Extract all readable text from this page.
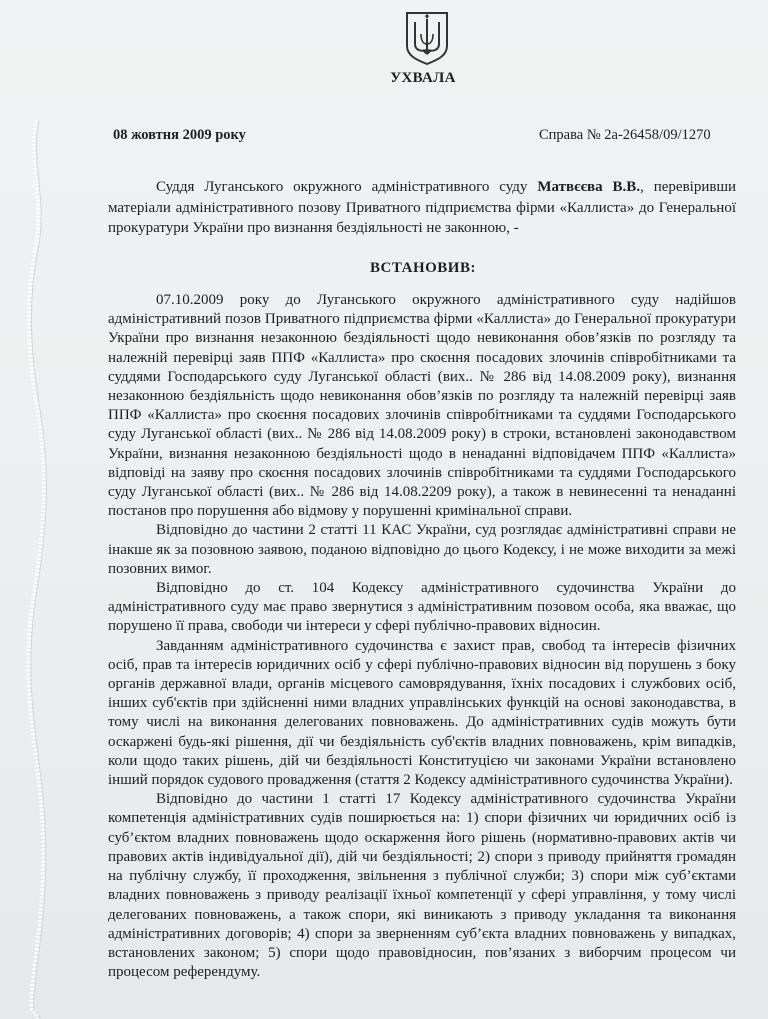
УХВАЛА
08 жовтня 2009 року	Справа № 2а-26458/09/1270

Суддя Луганського окружного адміністративного суду Матвєєва В.В., перевіривши матеріали адміністративного позову Приватного підприємства фірми «Каллиста» до Генеральної прокуратури України про визнання бездіяльності не законною, -

ВСТАНОВИВ:

07.10.2009 року до Луганського окружного адміністративного суду надійшов адміністративний позов Приватного підприємства фірми «Каллиста» до Генеральної прокуратури України про визнання незаконною бездіяльності щодо невиконання обов’язків по розгляду та належній перевірці заяв ППФ «Каллиста» про скоєння посадових злочинів співробітниками та суддями Господарського суду Луганської області (вих.. № 286 від 14.08.2009 року), визнання незаконною бездіяльність щодо невиконання обов’язків по розгляду та належній перевірці заяв ППФ «Каллиста» про скоєння посадових злочинів співробітниками та суддями Господарського суду Луганської області (вих.. № 286 від 14.08.2009 року) в строки, встановлені законодавством України, визнання незаконною бездіяльності щодо в ненаданні відповідачем ППФ «Каллиста» відповіді на заяву про скоєння посадових злочинів співробітниками та суддями Господарського суду Луганської області (вих.. № 286 від 14.08.2209 року), а також в невинесенні та ненаданні постанов про порушення або відмову у порушенні кримінальної справи.

Відповідно до частини 2 статті 11 КАС України, суд розглядає адміністративні справи не інакше як за позовною заявою, поданою відповідно до цього Кодексу, і не може виходити за межі позовних вимог.

Відповідно до ст. 104 Кодексу адміністративного судочинства України до адміністративного суду має право звернутися з адміністративним позовом особа, яка вважає, що порушено її права, свободи чи інтереси у сфері публічно-правових відносин.

Завданням адміністративного судочинства є захист прав, свобод та інтересів фізичних осіб, прав та інтересів юридичних осіб у сфері публічно-правових відносин від порушень з боку органів державної влади, органів місцевого самоврядування, їхніх посадових і службових осіб, інших суб'єктів при здійсненні ними владних управлінських функцій на основі законодавства, в тому числі на виконання делегованих повноважень. До адміністративних судів можуть бути оскаржені будь-які рішення, дії чи бездіяльність суб'єктів владних повноважень, крім випадків, коли щодо таких рішень, дій чи бездіяльності Конституцією чи законами України встановлено інший порядок судового провадження (стаття 2 Кодексу адміністративного судочинства України).

Відповідно до частини 1 статті 17 Кодексу адміністративного судочинства України компетенція адміністративних судів поширюється на: 1) спори фізичних чи юридичних осіб із суб’єктом владних повноважень щодо оскарження його рішень (нормативно-правових актів чи правових актів індивідуальної дії), дій чи бездіяльності; 2) спори з приводу прийняття громадян на публічну службу, її проходження, звільнення з публічної служби; 3) спори між суб’єктами владних повноважень з приводу реалізації їхньої компетенції у сфері управління, у тому числі делегованих повноважень, а також спори, які виникають з приводу укладання та виконання адміністративних договорів; 4) спори за зверненням суб’єкта владних повноважень у випадках, встановлених законом; 5) спори щодо правовідносин, пов’язаних з виборчим процесом чи процесом референдуму.
